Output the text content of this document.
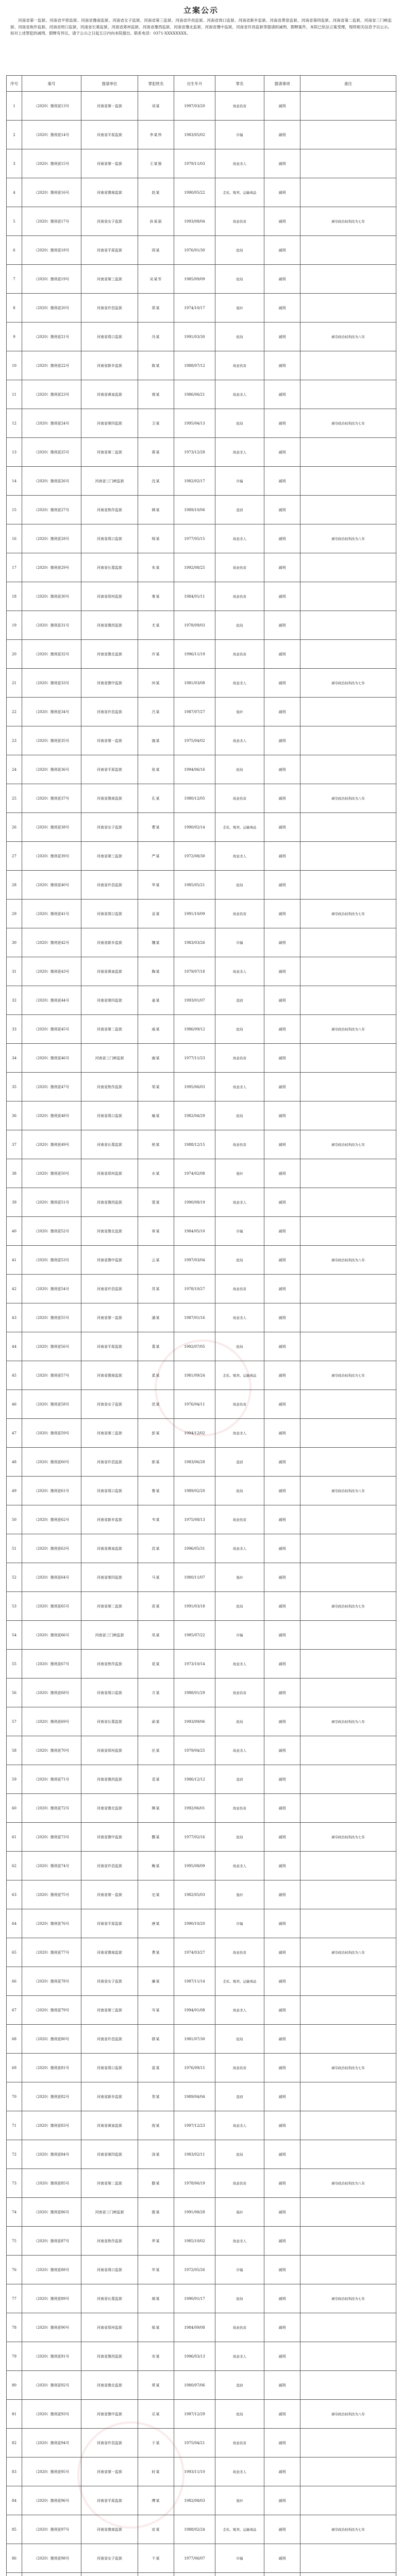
立案公示
河南省第一监狱、河南省平原监狱、河南省豫南监狱、河南省女子监狱、河南省第三监狱、河南省许昌监狱、河南省周口监狱、河南省新乡监狱、河南省黄泉监狱、河南省第四监狱、河南省第二监狱、河南省三门峡监狱、河南省焦作监狱、河南省周口监狱、河南省长葛监狱、河南省郑州监狱、河南省豫西监狱、河南省豫北监狱、河南省豫中监狱、河南省许昌监狱等提请的减刑、假释案件，本院已依法立案受理，现将相关信息予以公示。如对上述罪犯的减刑、假释有异议，请于公示之日起五日内向本院提出。联系电话：0371-XXXXXXXX。
序号	案号	提请单位	罪犯姓名	出生年月	罪名	提请事项	备注
1	（2020）豫刑更13号	河南省第一监狱	刘某	1997/03/20	故意伤害	减刑	
2	（2020）豫刑更14号	河南省平原监狱	李某伟	1983/05/02	诈骗	减刑	
3	（2020）豫刑更15号	河南省第一监狱	王某强	1979/11/03	故意杀人	减刑	
4	（2020）豫刑更16号	河南省豫南监狱	赵某	1990/05/22	走私、贩卖、运输毒品	减刑	
5	（2020）豫刑更17号	河南省女子监狱	孙某丽	1993/08/04	故意伤害	减刑	剥夺政治权利改为七年
6	（2020）豫刑更18号	河南省平原监狱	周某	1976/01/30	抢劫	减刑	
7	（2020）豫刑更19号	河南省第三监狱	吴某军	1985/09/09	抢劫	减刑	
8	（2020）豫刑更20号	河南省许昌监狱	郑某	1974/10/17	强奸	减刑	
9	（2020）豫刑更21号	河南省周口监狱	冯某	1991/03/30	抢劫	减刑	剥夺政治权利改为八年
10	（2020）豫刑更22号	河南省新乡监狱	陈某	1988/07/12	故意伤害	减刑	
11	（2020）豫刑更23号	河南省黄泉监狱	褚某	1986/06/21	故意杀人	减刑	
12	（2020）豫刑更24号	河南省第四监狱	卫某	1995/04/13	抢劫	减刑	剥夺政治权利改为七年
13	（2020）豫刑更25号	河南省第二监狱	蒋某	1973/12/28	故意杀人	减刑	
14	（2020）豫刑更26号	河南省三门峡监狱	沈某	1982/02/17	诈骗	减刑	
15	（2020）豫刑更27号	河南省焦作监狱	韩某	1989/10/06	盗窃	减刑	
16	（2020）豫刑更28号	河南省周口监狱	杨某	1977/05/15	故意杀人	减刑	剥夺政治权利改为八年
17	（2020）豫刑更29号	河南省长葛监狱	朱某	1992/08/25	故意伤害	减刑	
18	（2020）豫刑更30号	河南省郑州监狱	秦某	1984/01/11	故意伤害	减刑	
19	（2020）豫刑更31号	河南省豫西监狱	尤某	1978/09/03	抢劫	减刑	
20	（2020）豫刑更32号	河南省豫北监狱	许某	1996/11/19	故意伤害	减刑	
21	（2020）豫刑更33号	河南省豫中监狱	何某	1981/03/08	故意杀人	减刑	剥夺政治权利改为七年
22	（2020）豫刑更34号	河南省许昌监狱	吕某	1987/07/27	强奸	减刑	
23	（2020）豫刑更35号	河南省第一监狱	施某	1975/04/02	故意杀人	减刑	
24	（2020）豫刑更36号	河南省平原监狱	张某	1994/06/16	抢劫	减刑	
25	（2020）豫刑更37号	河南省豫南监狱	孔某	1980/12/05	故意伤害	减刑	剥夺政治权利改为八年
26	（2020）豫刑更38号	河南省女子监狱	曹某	1990/02/14	走私、贩卖、运输毒品	减刑	
27	（2020）豫刑更39号	河南省第三监狱	严某	1972/08/30	故意杀人	减刑	
28	（2020）豫刑更40号	河南省许昌监狱	华某	1985/05/21	抢劫	减刑	
29	（2020）豫刑更41号	河南省周口监狱	金某	1991/10/09	故意伤害	减刑	剥夺政治权利改为七年
30	（2020）豫刑更42号	河南省新乡监狱	魏某	1983/03/26	诈骗	减刑	
31	（2020）豫刑更43号	河南省黄泉监狱	陶某	1979/07/18	故意杀人	减刑	
32	（2020）豫刑更44号	河南省第四监狱	姜某	1993/01/07	盗窃	减刑	
33	（2020）豫刑更45号	河南省第二监狱	戚某	1986/09/12	抢劫	减刑	剥夺政治权利改为八年
34	（2020）豫刑更46号	河南省三门峡监狱	谢某	1977/11/23	故意伤害	减刑	
35	（2020）豫刑更47号	河南省焦作监狱	邹某	1995/06/03	故意杀人	减刑	
36	（2020）豫刑更48号	河南省周口监狱	喻某	1982/04/29	抢劫	减刑	
37	（2020）豫刑更49号	河南省长葛监狱	柏某	1988/12/15	故意伤害	减刑	剥夺政治权利改为七年
38	（2020）豫刑更50号	河南省郑州监狱	水某	1974/02/08	强奸	减刑	
39	（2020）豫刑更51号	河南省豫西监狱	窦某	1990/08/19	故意杀人	减刑	
40	（2020）豫刑更52号	河南省豫北监狱	章某	1984/05/10	诈骗	减刑	
41	（2020）豫刑更53号	河南省豫中监狱	云某	1997/03/04	抢劫	减刑	剥夺政治权利改为八年
42	（2020）豫刑更54号	河南省许昌监狱	苏某	1978/10/27	故意伤害	减刑	
43	（2020）豫刑更55号	河南省第一监狱	潘某	1987/01/16	故意杀人	减刑	
44	（2020）豫刑更56号	河南省平原监狱	葛某	1992/07/05	抢劫	减刑	
45	（2020）豫刑更57号	河南省豫南监狱	奚某	1981/09/24	走私、贩卖、运输毒品	减刑	剥夺政治权利改为七年
46	（2020）豫刑更58号	河南省女子监狱	范某	1976/04/11	故意伤害	减刑	
47	（2020）豫刑更59号	河南省第三监狱	彭某	1994/12/02	故意杀人	减刑	
48	（2020）豫刑更60号	河南省许昌监狱	郎某	1983/06/28	盗窃	减刑	
49	（2020）豫刑更61号	河南省周口监狱	鲁某	1989/02/20	抢劫	减刑	剥夺政治权利改为八年
50	（2020）豫刑更62号	河南省新乡监狱	韦某	1975/08/13	故意伤害	减刑	
51	（2020）豫刑更63号	河南省黄泉监狱	昌某	1996/05/31	故意杀人	减刑	
52	（2020）豫刑更64号	河南省第四监狱	马某	1980/11/07	强奸	减刑	
53	（2020）豫刑更65号	河南省第二监狱	苗某	1991/03/18	抢劫	减刑	剥夺政治权利改为七年
54	（2020）豫刑更66号	河南省三门峡监狱	凤某	1985/07/22	诈骗	减刑	
55	（2020）豫刑更67号	河南省焦作监狱	花某	1973/10/14	故意杀人	减刑	
56	（2020）豫刑更68号	河南省周口监狱	方某	1988/01/29	故意伤害	减刑	
57	（2020）豫刑更69号	河南省长葛监狱	俞某	1993/09/06	抢劫	减刑	剥夺政治权利改为八年
58	（2020）豫刑更70号	河南省郑州监狱	任某	1979/04/25	故意杀人	减刑	
59	（2020）豫刑更71号	河南省豫西监狱	袁某	1986/12/12	盗窃	减刑	
60	（2020）豫刑更72号	河南省豫北监狱	柳某	1992/06/01	故意伤害	减刑	
61	（2020）豫刑更73号	河南省豫中监狱	酆某	1977/02/16	抢劫	减刑	剥夺政治权利改为七年
62	（2020）豫刑更74号	河南省许昌监狱	鲍某	1995/08/09	故意杀人	减刑	
63	（2020）豫刑更75号	河南省第一监狱	史某	1982/05/03	强奸	减刑	
64	（2020）豫刑更76号	河南省平原监狱	唐某	1990/10/20	诈骗	减刑	
65	（2020）豫刑更77号	河南省豫南监狱	费某	1974/03/27	故意伤害	减刑	剥夺政治权利改为八年
66	（2020）豫刑更78号	河南省女子监狱	廉某	1987/11/14	走私、贩卖、运输毒品	减刑	
67	（2020）豫刑更79号	河南省第三监狱	岑某	1994/01/08	故意杀人	减刑	
68	（2020）豫刑更80号	河南省许昌监狱	薛某	1981/07/30	抢劫	减刑	
69	（2020）豫刑更81号	河南省周口监狱	雷某	1976/09/15	故意伤害	减刑	剥夺政治权利改为七年
70	（2020）豫刑更82号	河南省新乡监狱	贺某	1989/04/04	盗窃	减刑	
71	（2020）豫刑更83号	河南省黄泉监狱	倪某	1997/12/23	故意杀人	减刑	
72	（2020）豫刑更84号	河南省第四监狱	汤某	1983/02/11	抢劫	减刑	
73	（2020）豫刑更85号	河南省第二监狱	滕某	1978/06/19	故意伤害	减刑	剥夺政治权利改为八年
74	（2020）豫刑更86号	河南省三门峡监狱	殷某	1991/08/28	强奸	减刑	
75	（2020）豫刑更87号	河南省焦作监狱	罗某	1985/10/02	故意杀人	减刑	
76	（2020）豫刑更88号	河南省周口监狱	毕某	1972/05/26	诈骗	减刑	
77	（2020）豫刑更89号	河南省长葛监狱	郝某	1990/01/17	抢劫	减刑	剥夺政治权利改为七年
78	（2020）豫刑更90号	河南省郑州监狱	邬某	1984/09/08	故意伤害	减刑	
79	（2020）豫刑更91号	河南省豫西监狱	安某	1996/03/13	故意杀人	减刑	
80	（2020）豫刑更92号	河南省豫北监狱	常某	1980/07/06	盗窃	减刑	
81	（2020）豫刑更93号	河南省豫中监狱	乐某	1987/12/29	抢劫	减刑	剥夺政治权利改为八年
82	（2020）豫刑更94号	河南省许昌监狱	于某	1975/04/21	故意伤害	减刑	
83	（2020）豫刑更95号	河南省第一监狱	时某	1993/11/10	故意杀人	减刑	
84	（2020）豫刑更96号	河南省平原监狱	傅某	1982/08/03	强奸	减刑	
85	（2020）豫刑更97号	河南省豫南监狱	皮某	1988/02/24	走私、贩卖、运输毒品	减刑	剥夺政治权利改为七年
86	（2020）豫刑更98号	河南省女子监狱	卞某	1977/06/07	诈骗	减刑	
